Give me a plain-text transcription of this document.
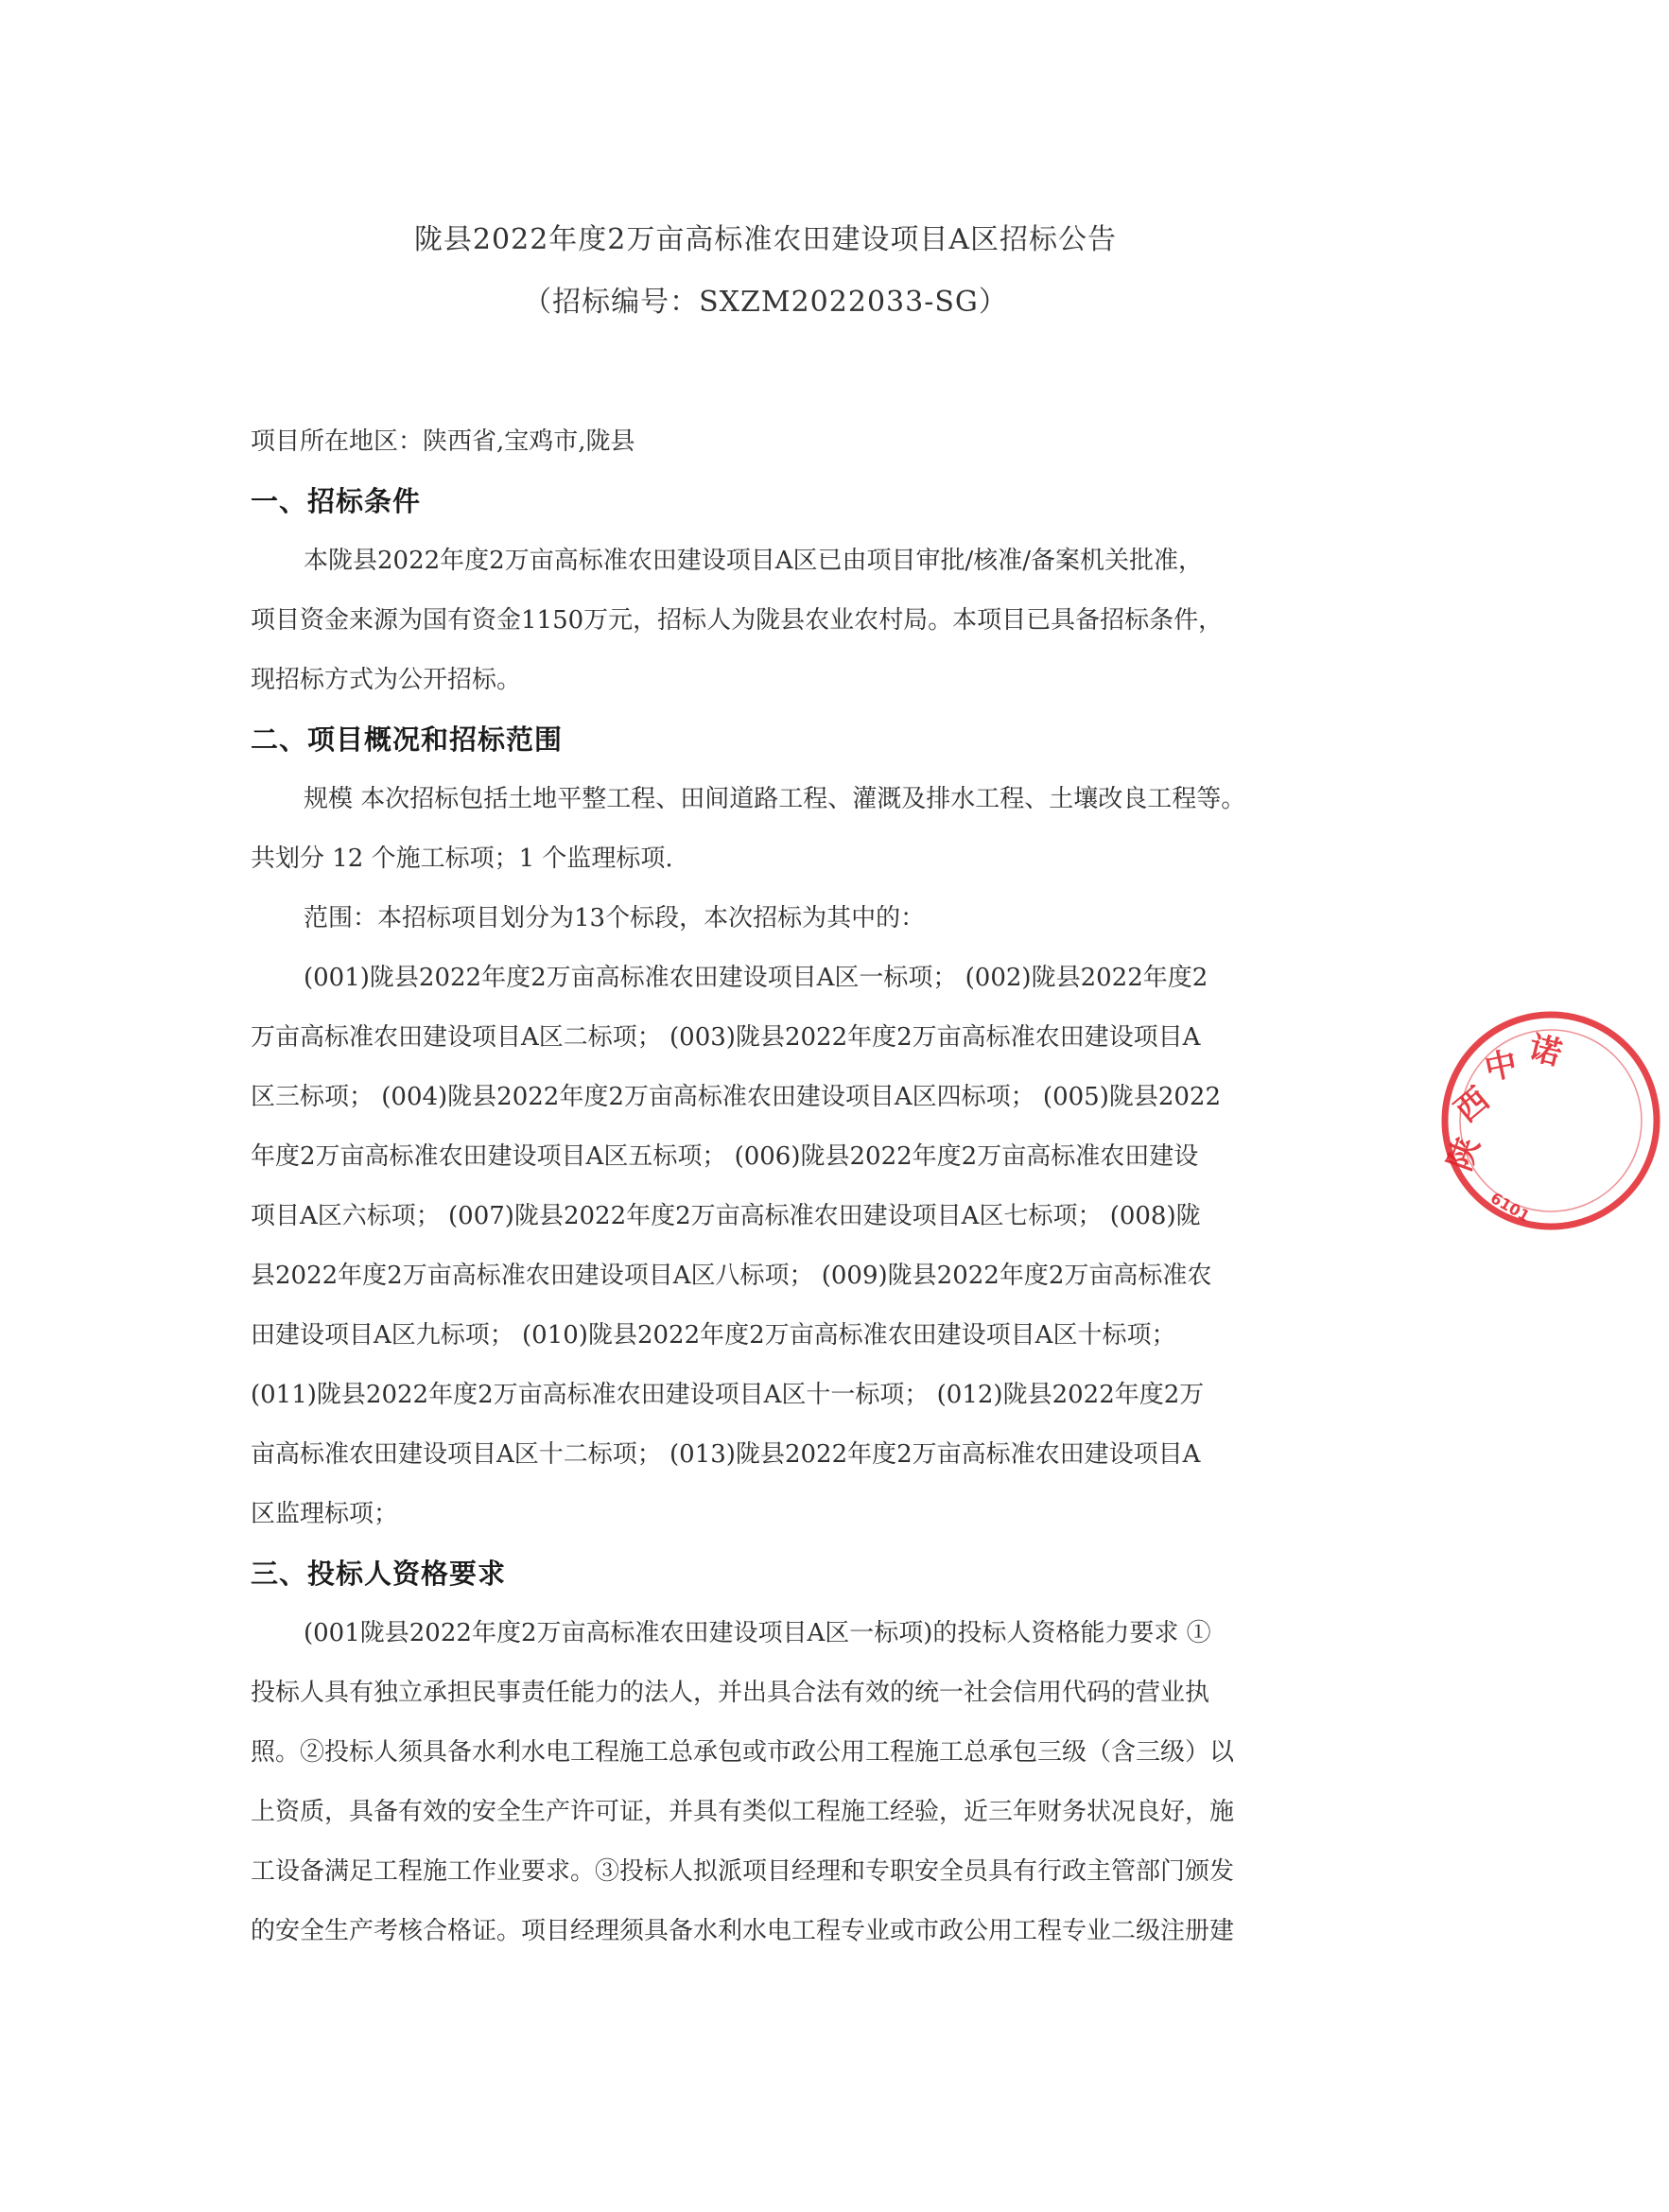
陇县2022年度2万亩高标准农田建设项目A区招标公告
（招标编号：SXZM2022033-SG）
项目所在地区：陕西省,宝鸡市,陇县
一、招标条件
本陇县2022年度2万亩高标准农田建设项目A区已由项目审批/核准/备案机关批准，
项目资金来源为国有资金1150万元，招标人为陇县农业农村局。本项目已具备招标条件，
现招标方式为公开招标。
二、项目概况和招标范围
规模 本次招标包括土地平整工程、田间道路工程、灌溉及排水工程、土壤改良工程等。
共划分 12 个施工标项；1 个监理标项.
范围：本招标项目划分为13个标段，本次招标为其中的：
(001)陇县2022年度2万亩高标准农田建设项目A区一标项； (002)陇县2022年度2
万亩高标准农田建设项目A区二标项； (003)陇县2022年度2万亩高标准农田建设项目A
区三标项； (004)陇县2022年度2万亩高标准农田建设项目A区四标项； (005)陇县2022
年度2万亩高标准农田建设项目A区五标项； (006)陇县2022年度2万亩高标准农田建设
项目A区六标项； (007)陇县2022年度2万亩高标准农田建设项目A区七标项； (008)陇
县2022年度2万亩高标准农田建设项目A区八标项； (009)陇县2022年度2万亩高标准农
田建设项目A区九标项； (010)陇县2022年度2万亩高标准农田建设项目A区十标项；
(011)陇县2022年度2万亩高标准农田建设项目A区十一标项； (012)陇县2022年度2万
亩高标准农田建设项目A区十二标项； (013)陇县2022年度2万亩高标准农田建设项目A
区监理标项；
三、投标人资格要求
(001陇县2022年度2万亩高标准农田建设项目A区一标项)的投标人资格能力要求 ①
投标人具有独立承担民事责任能力的法人，并出具合法有效的统一社会信用代码的营业执
照。②投标人须具备水利水电工程施工总承包或市政公用工程施工总承包三级（含三级）以
上资质，具备有效的安全生产许可证，并具有类似工程施工经验，近三年财务状况良好，施
工设备满足工程施工作业要求。③投标人拟派项目经理和专职安全员具有行政主管部门颁发
的安全生产考核合格证。项目经理须具备水利水电工程专业或市政公用工程专业二级注册建
陕
西
中 诺
6101
